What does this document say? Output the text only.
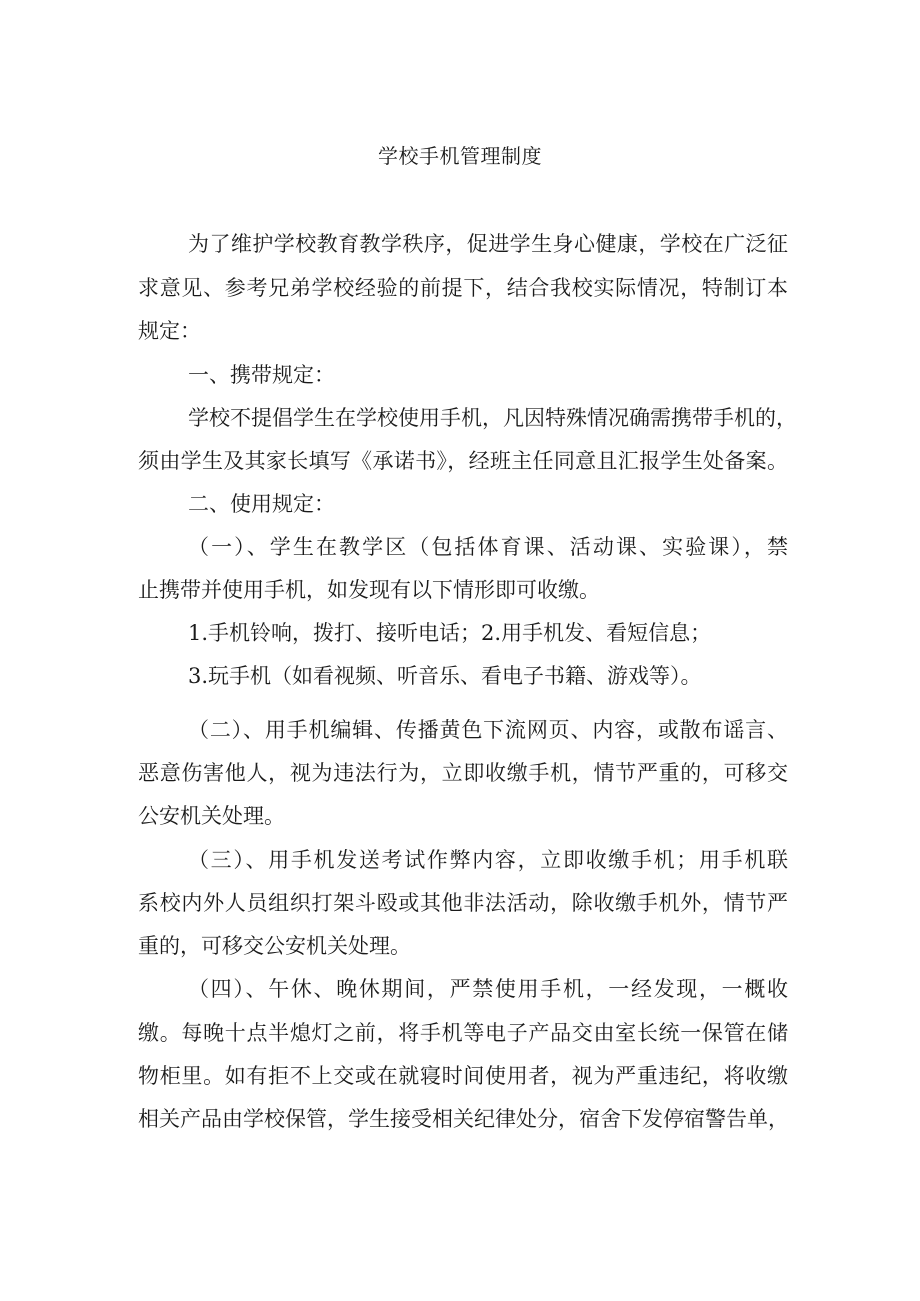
学校手机管理制度
为了维护学校教育教学秩序，促进学生身心健康，学校在广泛征
求意见、参考兄弟学校经验的前提下，结合我校实际情况，特制订本
规定：
一、携带规定：
学校不提倡学生在学校使用手机，凡因特殊情况确需携带手机的，
须由学生及其家长填写《承诺书》，经班主任同意且汇报学生处备案。
二、使用规定：
（一）、学生在教学区（包括体育课、活动课、实验课），禁
止携带并使用手机，如发现有以下情形即可收缴。
1.手机铃响，拨打、接听电话；2.用手机发、看短信息；
3.玩手机（如看视频、听音乐、看电子书籍、游戏等）。
（二）、用手机编辑、传播黄色下流网页、内容，或散布谣言、
恶意伤害他人，视为违法行为，立即收缴手机，情节严重的，可移交
公安机关处理。
（三）、用手机发送考试作弊内容，立即收缴手机；用手机联
系校内外人员组织打架斗殴或其他非法活动，除收缴手机外，情节严
重的，可移交公安机关处理。
（四）、午休、晚休期间，严禁使用手机，一经发现，一概收
缴。每晚十点半熄灯之前，将手机等电子产品交由室长统一保管在储
物柜里。如有拒不上交或在就寝时间使用者，视为严重违纪，将收缴
相关产品由学校保管，学生接受相关纪律处分，宿舍下发停宿警告单，
